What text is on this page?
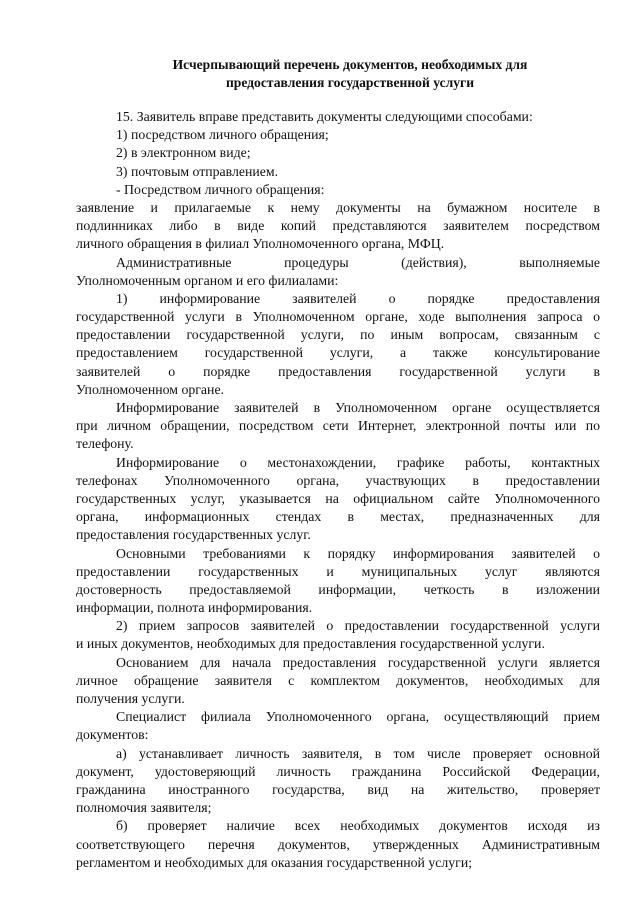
Исчерпывающий перечень документов, необходимых для
предоставления государственной услуги
15. Заявитель вправе представить документы следующими способами:
1) посредством личного обращения;
2) в электронном виде;
3) почтовым отправлением.
- Посредством личного обращения:
заявление и прилагаемые к нему документы на бумажном носителе в
подлинниках либо в виде копий представляются заявителем посредством
личного обращения в филиал Уполномоченного органа, МФЦ.
Административные процедуры (действия), выполняемые
Уполномоченным органом и его филиалами:
1) информирование заявителей о порядке предоставления
государственной услуги в Уполномоченном органе, ходе выполнения запроса о
предоставлении государственной услуги, по иным вопросам, связанным с
предоставлением государственной услуги, а также консультирование
заявителей о порядке предоставления государственной услуги в
Уполномоченном органе.
Информирование заявителей в Уполномоченном органе осуществляется
при личном обращении, посредством сети Интернет, электронной почты или по
телефону.
Информирование о местонахождении, графике работы, контактных
телефонах Уполномоченного органа, участвующих в предоставлении
государственных услуг, указывается на официальном сайте Уполномоченного
органа, информационных стендах в местах, предназначенных для
предоставления государственных услуг.
Основными требованиями к порядку информирования заявителей о
предоставлении государственных и муниципальных услуг являются
достоверность предоставляемой информации, четкость в изложении
информации, полнота информирования.
2) прием запросов заявителей о предоставлении государственной услуги
и иных документов, необходимых для предоставления государственной услуги.
Основанием для начала предоставления государственной услуги является
личное обращение заявителя с комплектом документов, необходимых для
получения услуги.
Специалист филиала Уполномоченного органа, осуществляющий прием
документов:
а) устанавливает личность заявителя, в том числе проверяет основной
документ, удостоверяющий личность гражданина Российской Федерации,
гражданина иностранного государства, вид на жительство, проверяет
полномочия заявителя;
б) проверяет наличие всех необходимых документов исходя из
соответствующего перечня документов, утвержденных Административным
регламентом и необходимых для оказания государственной услуги;
